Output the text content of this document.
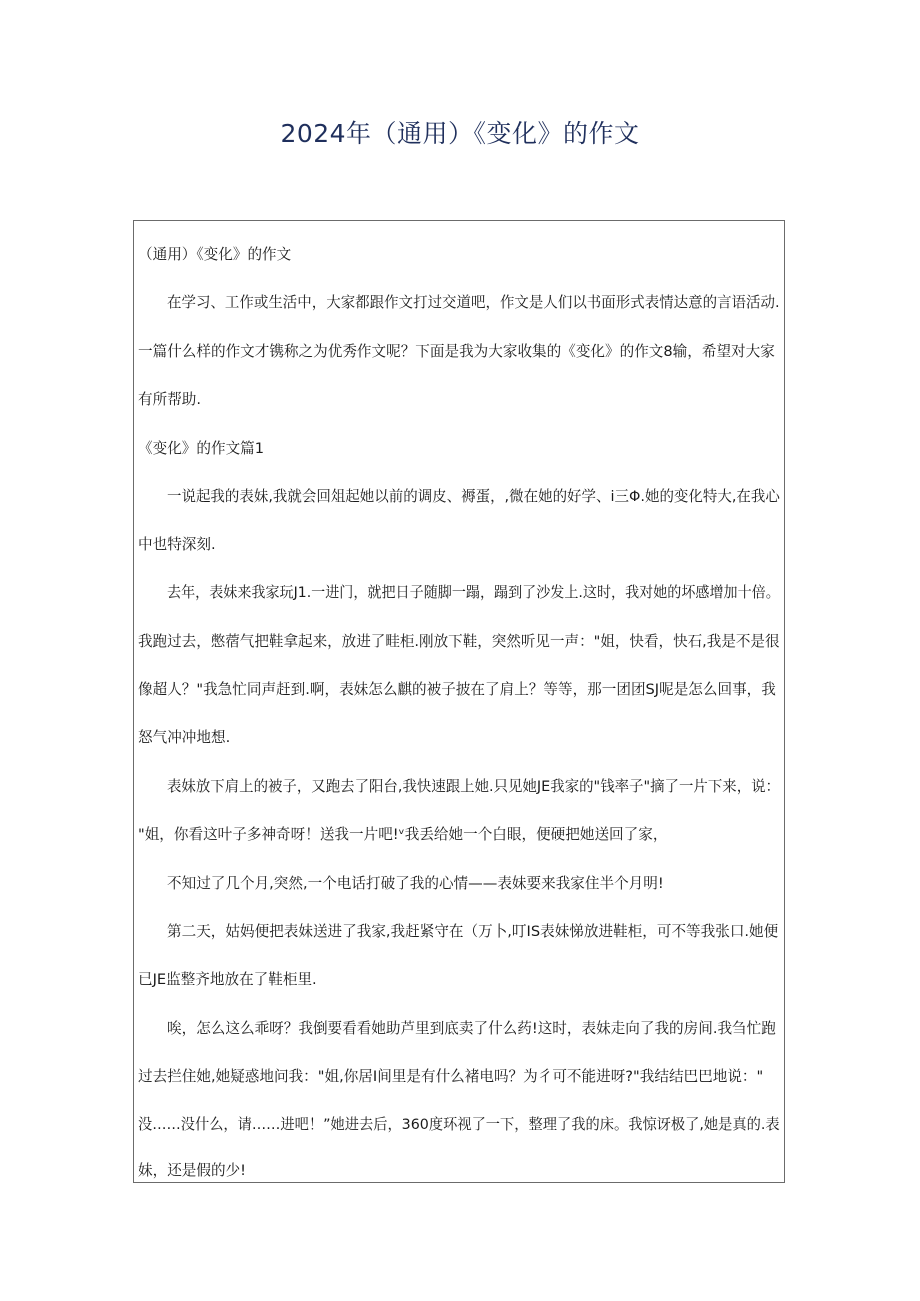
2024年（通用）《变化》的作文

（通用）《变化》的作文

在学习、工作或生活中，大家都跟作文打过交道吧，作文是人们以书面形式表情达意的言语活动.

一篇什么样的作文才镌称之为优秀作文呢？下面是我为大家收集的《变化》的作文8输，希望对大家

有所帮助.

《变化》的作文篇1

一说起我的表妹,我就会回俎起她以前的调皮、褥蛋，,微在她的好学、i三Φ.她的变化特大,在我心

中也特深刻.

去年，表妹来我家玩J1.一进门，就把日子随脚一蹋，蹋到了沙发上.这时，我对她的坏感增加十倍。

我跑过去，憋蓿气把鞋拿起来，放进了畦柜.刚放下鞋，突然听见一声："姐，快看，快石,我是不是很

像超人？"我急忙同声赶到.啊，表妹怎么麒的被子披在了肩上？等等，那一团团SJ呢是怎么回事，我

怒气冲冲地想.

表妹放下肩上的被子，又跑去了阳台,我快速跟上她.只见她JE我家的"钱率子"摘了一片下来，说：

"姐，你看这叶子多神奇呀！送我一片吧!ᵛ我丢给她一个白眼，便硬把她送回了家，

不知过了几个月,突然,一个电话打破了我的心情——表妹要来我家住半个月明!

第二天，姑妈便把表妹送进了我家,我赶紧守在（万卜,叮IS表妹悌放进鞋柜，可不等我张口.她便

已JE监整齐地放在了鞋柜里.

唉，怎么这么乖呀？我倒要看看她助芦里到底卖了什么药!这时，表妹走向了我的房间.我刍忙跑

过去拦住她,她疑惑地问我："姐,你居I间里是有什么褚电吗？为彳可不能进呀?"我结结巴巴地说："

没……没什么，请……进吧！”她进去后，360度环视了一下，整理了我的床。我惊讶极了,她是真的.表

妹，还是假的少!
